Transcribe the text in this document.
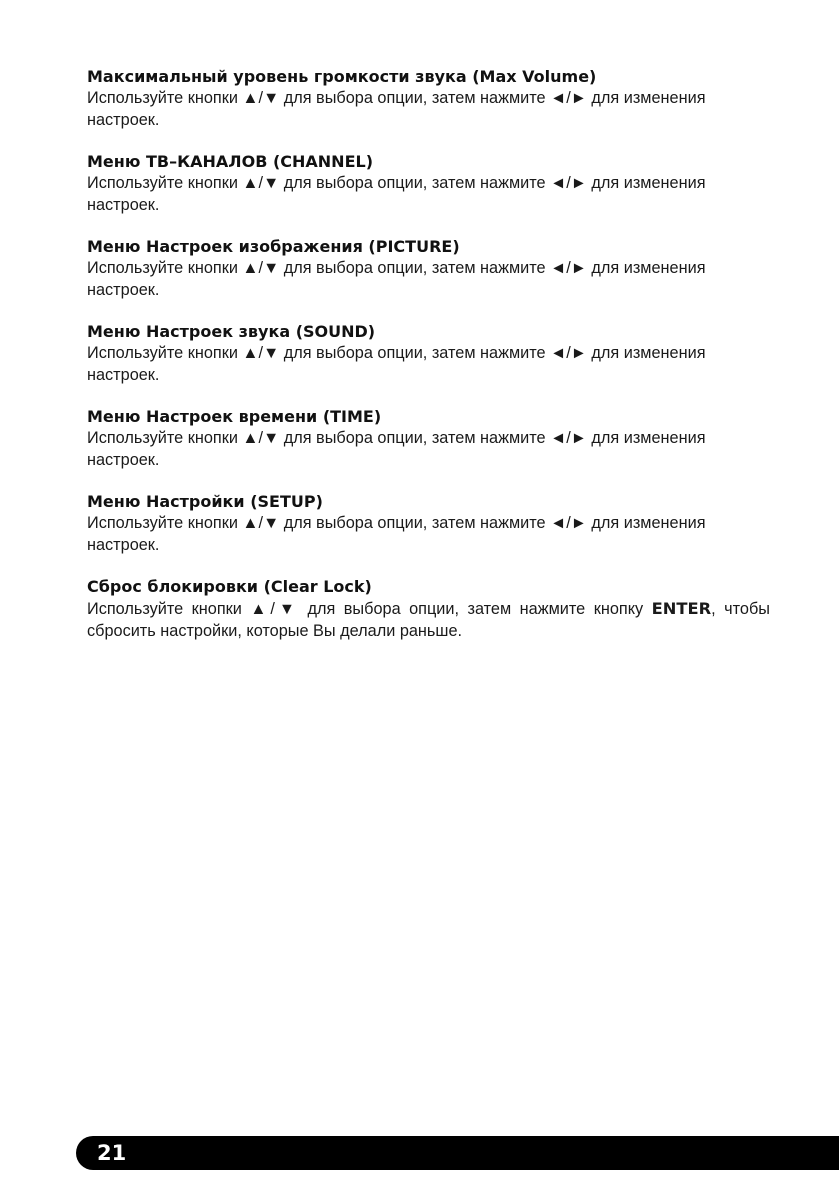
Максимальный уровень громкости звука (Max Volume)

Используйте кнопки ▲/▼ для выбора опции, затем нажмите ◄/► для изменения
настроек.

Меню ТВ–КАНАЛОВ (CHANNEL)

Используйте кнопки ▲/▼ для выбора опции, затем нажмите ◄/► для изменения
настроек.

Меню Настроек изображения (PICTURE)

Используйте кнопки ▲/▼ для выбора опции, затем нажмите ◄/► для изменения
настроек.

Меню Настроек звука (SOUND)

Используйте кнопки ▲/▼ для выбора опции, затем нажмите ◄/► для изменения
настроек.

Меню Настроек времени (TIME)

Используйте кнопки ▲/▼ для выбора опции, затем нажмите ◄/► для изменения
настроек.

Меню Настройки (SETUP)

Используйте кнопки ▲/▼ для выбора опции, затем нажмите ◄/► для изменения
настроек.

Сброс блокировки (Clear Lock)

Используйте кнопки ▲/▼ для выбора опции, затем нажмите кнопку ENTER, чтобы сбросить настройки, которые Вы делали раньше.

21
